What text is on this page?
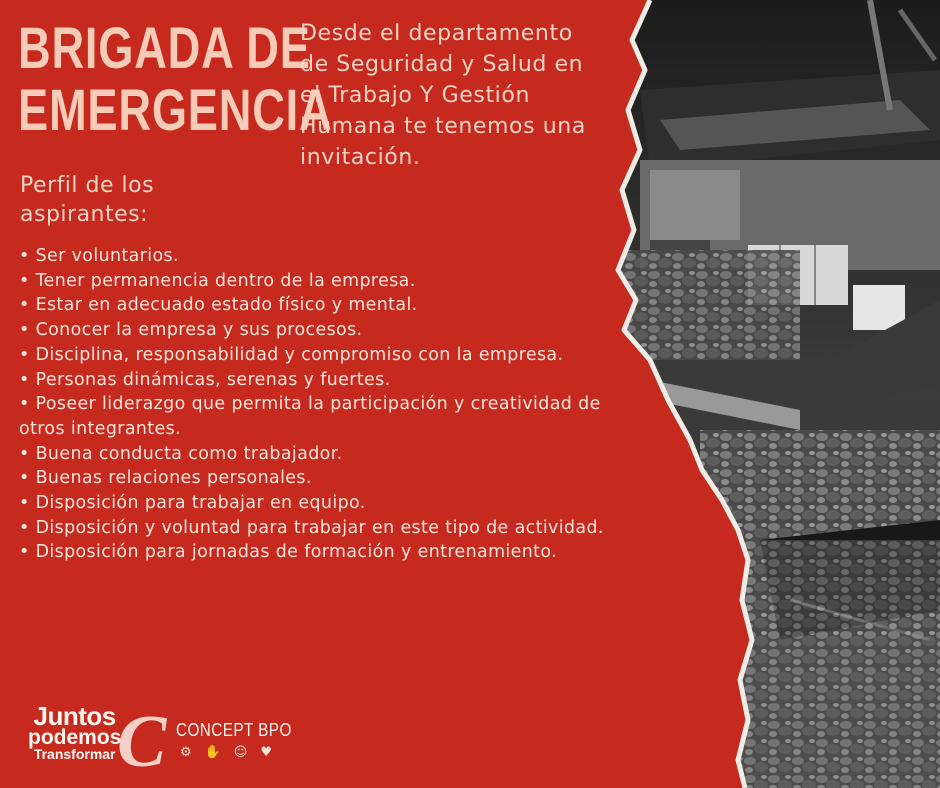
BRIGADA DE
EMERGENCIA
Perfil de los aspirantes:
Desde el departamento de Seguridad y Salud en el Trabajo Y Gestión Humana te tenemos una invitación.
• Ser voluntarios.
• Tener permanencia dentro de la empresa.
• Estar en adecuado estado físico y mental.
• Conocer la empresa y sus procesos.
• Disciplina, responsabilidad y compromiso con la empresa.
• Personas dinámicas, serenas y fuertes.
• Poseer liderazgo que permita la participación y creatividad de otros integrantes.
• Buena conducta como trabajador.
• Buenas relaciones personales.
• Disposición para trabajar en equipo.
• Disposición y voluntad para trabajar en este tipo de actividad.
• Disposición para jornadas de formación y entrenamiento.
Juntos
podemos
Transformar C CONCEPT BPO
⚙ ✋ ☺ ♥
